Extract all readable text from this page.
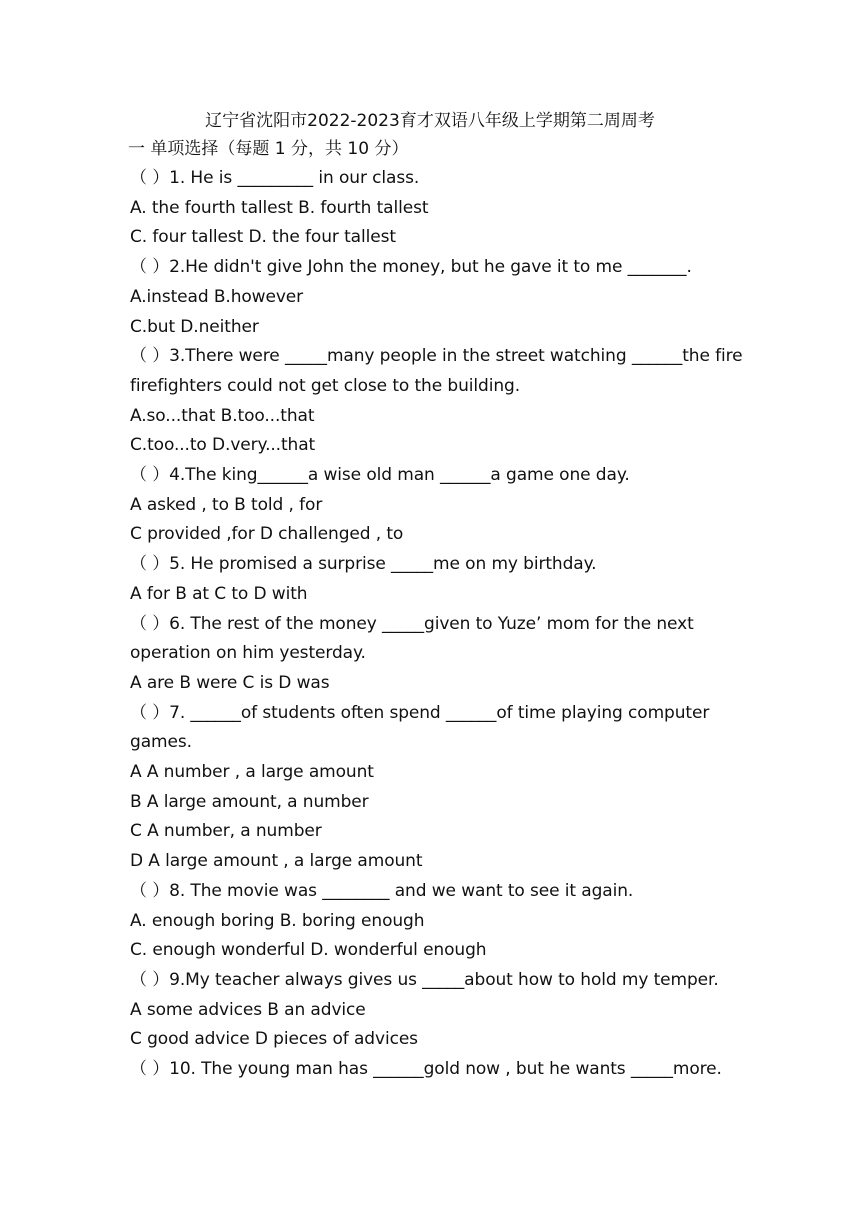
辽宁省沈阳市2022-2023育才双语八年级上学期第二周周考
一 单项选择（每题 1 分，共 10 分）
（ ）1. He is _________ in our class.
A. the fourth tallest B. fourth tallest
C. four tallest D. the four tallest
（ ）2.He didn't give John the money, but he gave it to me _______.
A.instead B.however
C.but D.neither
（ ）3.There were _____many people in the street watching ______the fire
firefighters could not get close to the building.
A.so...that B.too...that
C.too...to D.very...that
（ ）4.The king______a wise old man ______a game one day.
A asked , to B told , for
C provided ,for D challenged , to
（ ）5. He promised a surprise _____me on my birthday.
A for B at C to D with
（ ）6. The rest of the money _____given to Yuze’ mom for the next
operation on him yesterday.
A are B were C is D was
（ ）7. ______of students often spend ______of time playing computer
games.
A A number , a large amount
B A large amount, a number
C A number, a number
D A large amount , a large amount
（ ）8. The movie was ________ and we want to see it again.
A. enough boring B. boring enough
C. enough wonderful D. wonderful enough
（ ）9.My teacher always gives us _____about how to hold my temper.
A some advices B an advice
C good advice D pieces of advices
（ ）10. The young man has ______gold now , but he wants _____more.
